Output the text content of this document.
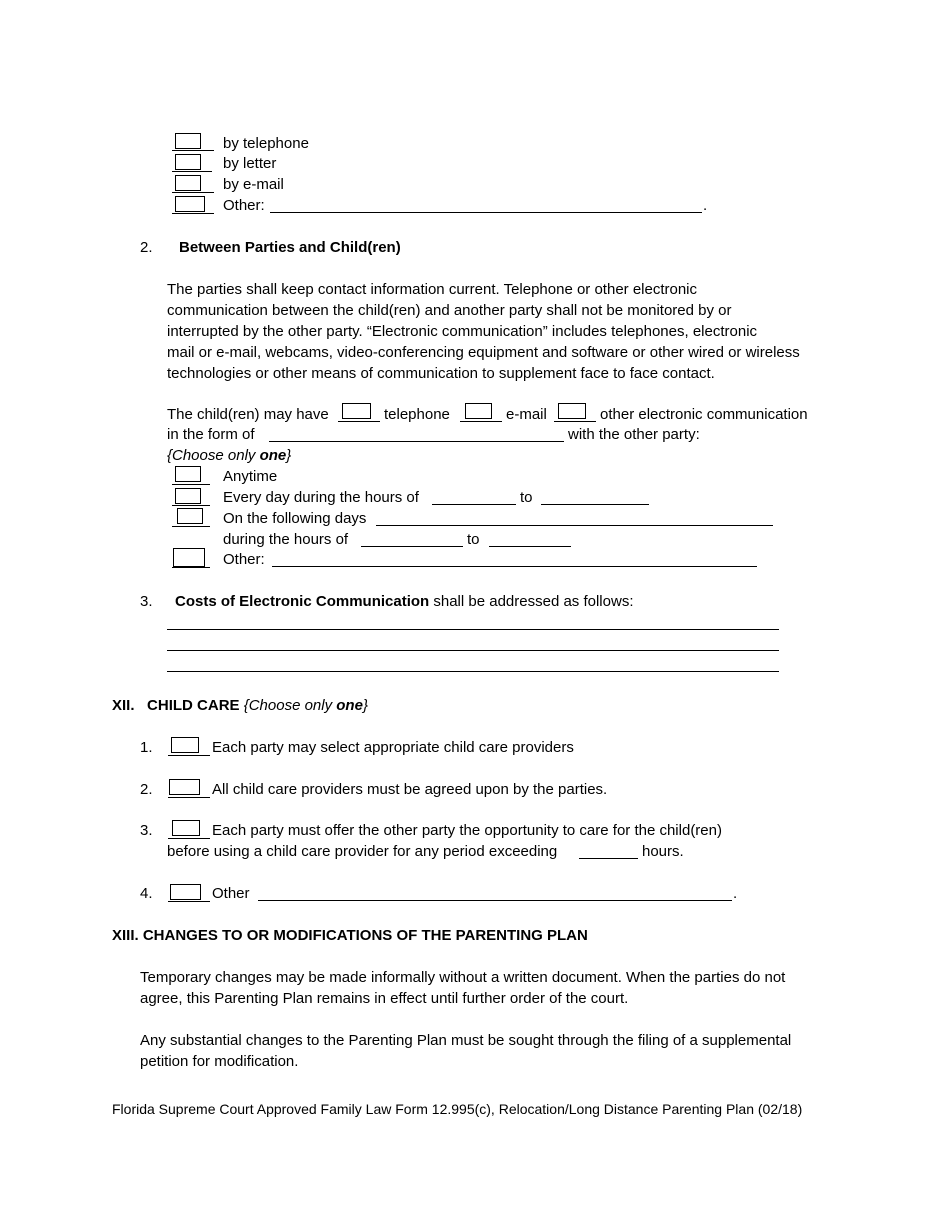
by telephone
by letter
by e-mail
Other:	.
2. Between Parties and Child(ren)
The parties shall keep contact information current. Telephone or other electronic
communication between the child(ren) and another party shall not be monitored by or
interrupted by the other party. “Electronic communication” includes telephones, electronic
mail or e-mail, webcams, video-conferencing equipment and software or other wired or wireless
technologies or other means of communication to supplement face to face contact.
The child(ren) may have	telephone	e-mail	other electronic communication
in the form of	with the other party:
{Choose only one}
Anytime
Every day during the hours of	to
On the following days
during the hours of	to
Other:
3. Costs of Electronic Communication shall be addressed as follows:
XII. CHILD CARE {Choose only one}
1.	Each party may select appropriate child care providers
2.	All child care providers must be agreed upon by the parties.
3.	Each party must offer the other party the opportunity to care for the child(ren)
before using a child care provider for any period exceeding	hours.
4.	Other	.
XIII. CHANGES TO OR MODIFICATIONS OF THE PARENTING PLAN
Temporary changes may be made informally without a written document. When the parties do not
agree, this Parenting Plan remains in effect until further order of the court.
Any substantial changes to the Parenting Plan must be sought through the filing of a supplemental
petition for modification.
Florida Supreme Court Approved Family Law Form 12.995(c), Relocation/Long Distance Parenting Plan (02/18)
